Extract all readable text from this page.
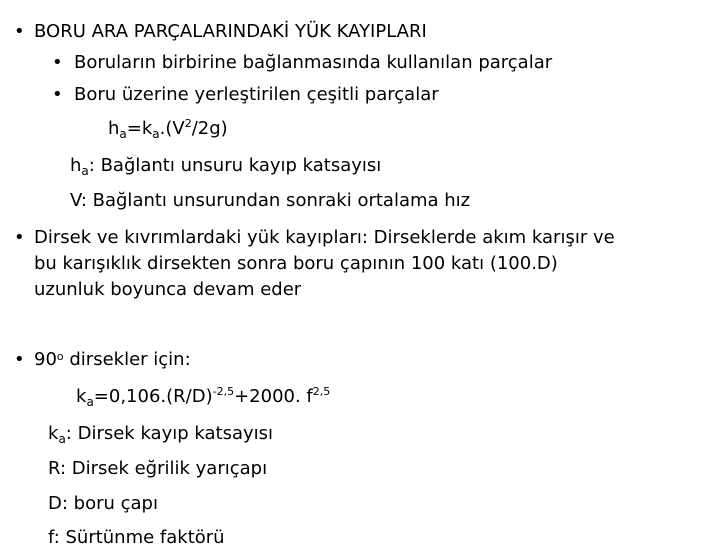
• BORU ARA PARÇALARINDAKİ YÜK KAYIPLARI
• Boruların birbirine bağlanmasında kullanılan parçalar
• Boru üzerine yerleştirilen çeşitli parçalar
$h_a=k_a.(V^2/2g)$
$h_a$: Bağlantı unsuru kayıp katsayısı
V: Bağlantı unsurundan sonraki ortalama hız
• Dirsek ve kıvrımlardaki yük kayıpları: Dirseklerde akım karışır ve
bu karışıklık dirsekten sonra boru çapının 100 katı (100.D)
uzunluk boyunca devam eder
• 90$^o$ dirsekler için:
$k_a=0,106.(R/D)^{-2,5}+2000$. $f^{2,5}$
$k_a$: Dirsek kayıp katsayısı
R: Dirsek eğrilik yarıçapı
D: boru çapı
f: Sürtünme faktörü
